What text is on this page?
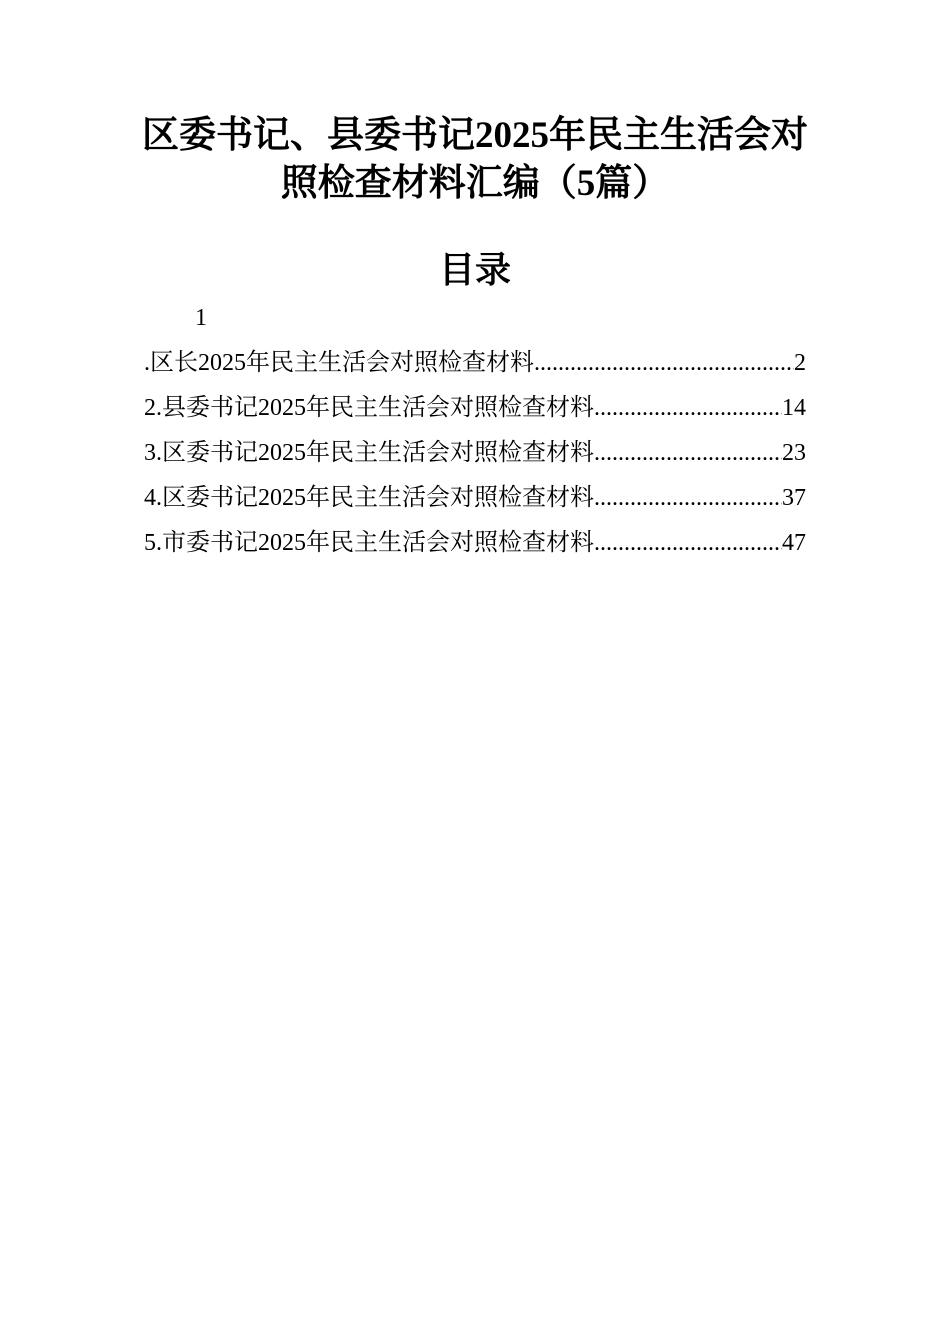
区委书记、县委书记2025年民主生活会对
照检查材料汇编（5篇）
目录
1
.区长2025年民主生活会对照检查材料 .....	2
2.县委书记2025年民主生活会对照检查材料 .....	14
3.区委书记2025年民主生活会对照检查材料 .....	23
4.区委书记2025年民主生活会对照检查材料 .....	37
5.市委书记2025年民主生活会对照检查材料 .....	47
